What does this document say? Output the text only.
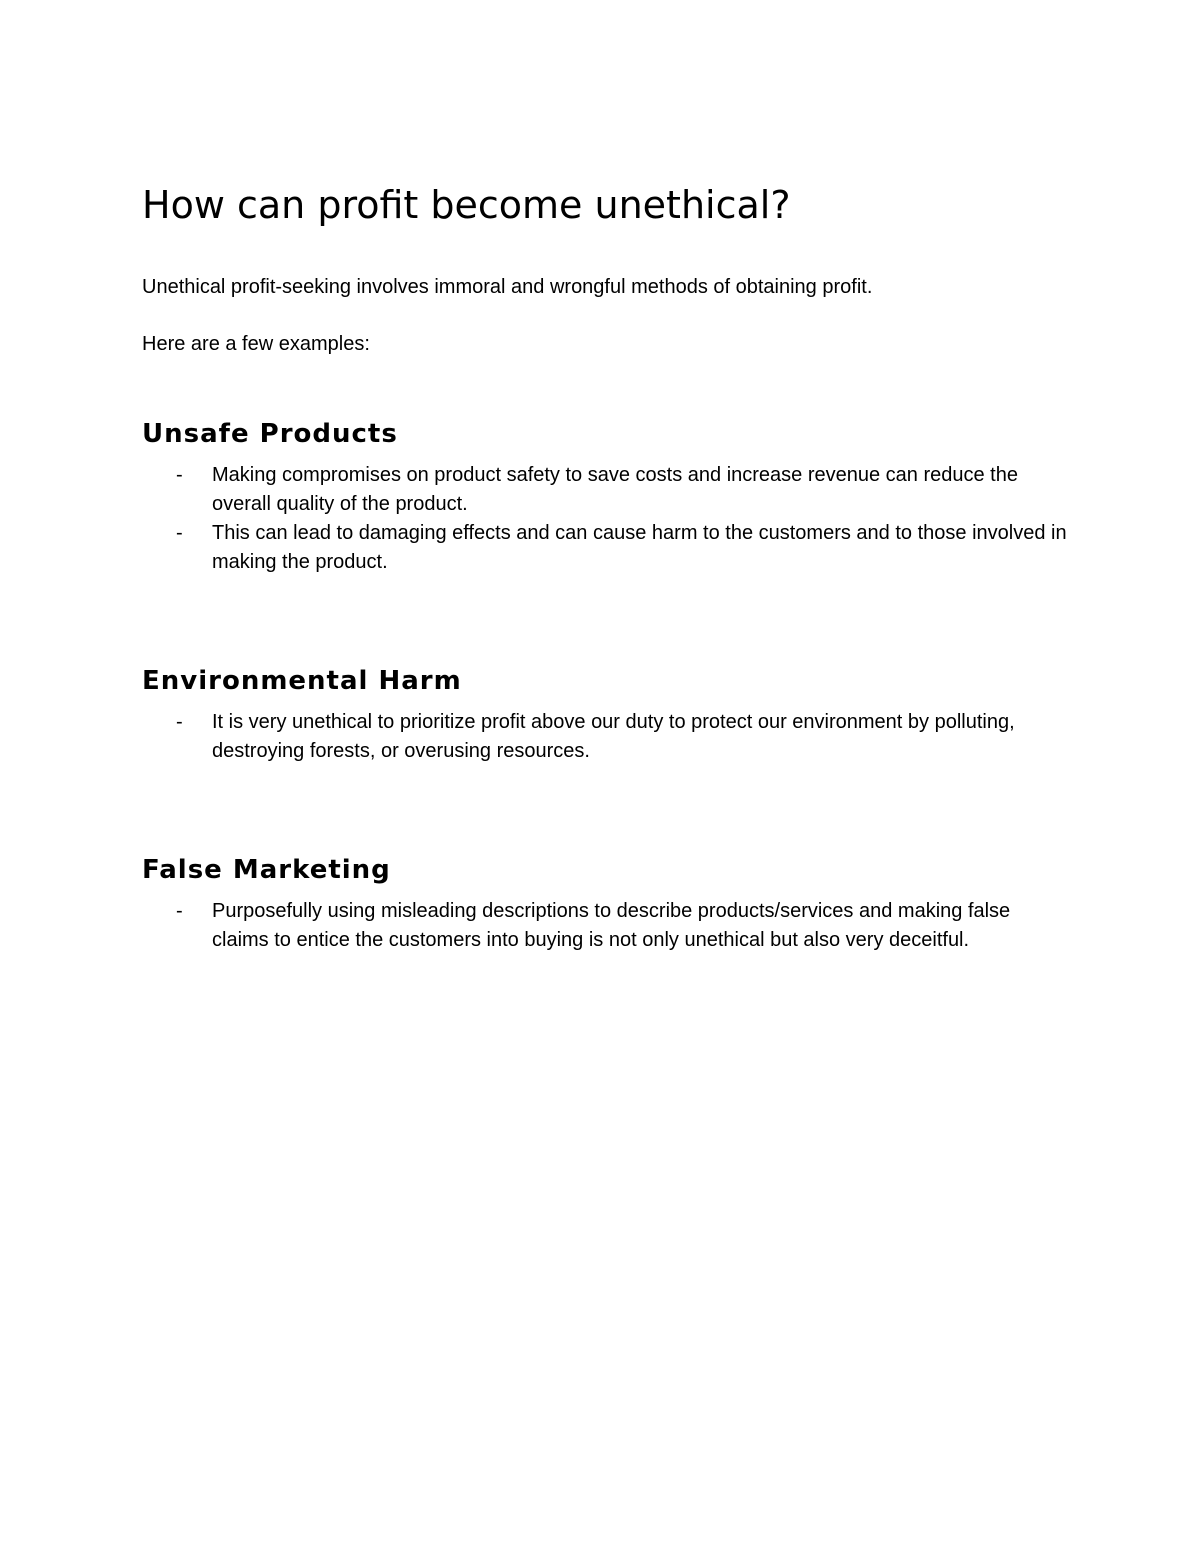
How can profit become unethical?

Unethical profit-seeking involves immoral and wrongful methods of obtaining profit.

Here are a few examples:

Unsafe Products
- Making compromises on product safety to save costs and increase revenue can reduce the overall quality of the product.
- This can lead to damaging effects and can cause harm to the customers and to those involved in making the product.
Environmental Harm
- It is very unethical to prioritize profit above our duty to protect our environment by polluting, destroying forests, or overusing resources.
False Marketing
- Purposefully using misleading descriptions to describe products/services and making false claims to entice the customers into buying is not only unethical but also very deceitful.
